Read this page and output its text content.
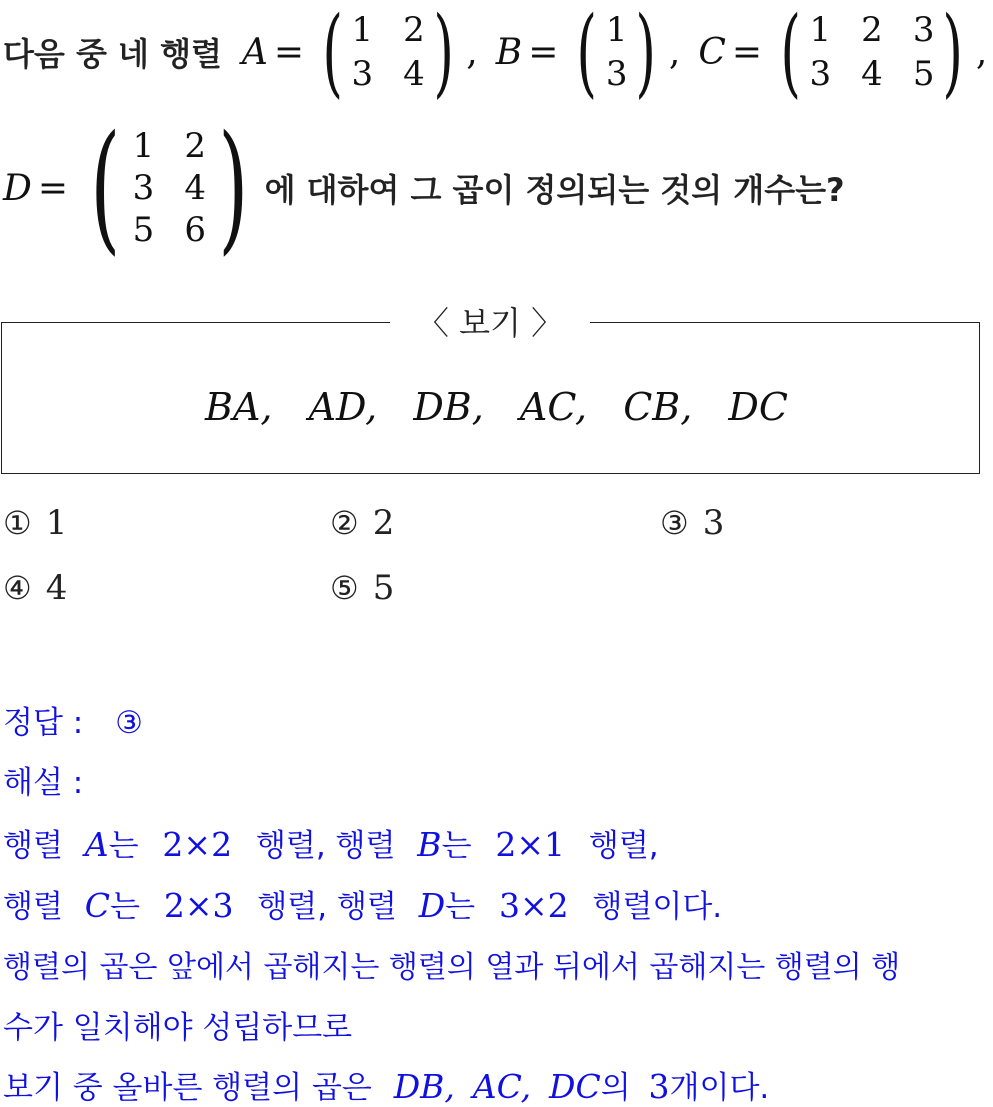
다음 중 네 행렬 A = ( 1 2
3 4 ) , B = ( 1
3 ) , C = ( 1 2 3
3 4 5 ) ,
D = ( 1 2
3 4
5 6 ) 에 대하여 그 곱이 정의되는 것의 개수는?
〈 보기 〉
BA, AD, DB, AC, CB, DC
① 1	② 2	③ 3
④ 4	⑤ 5
정답 : ③
해설 :
행렬 A는 2×2 행렬, 행렬 B는 2×1 행렬,
행렬 C는 2×3 행렬, 행렬 D는 3×2 행렬이다.
행렬의 곱은 앞에서 곱해지는 행렬의 열과 뒤에서 곱해지는 행렬의 행
수가 일치해야 성립하므로
보기 중 올바른 행렬의 곱은 DB, AC, DC의 3개이다.
